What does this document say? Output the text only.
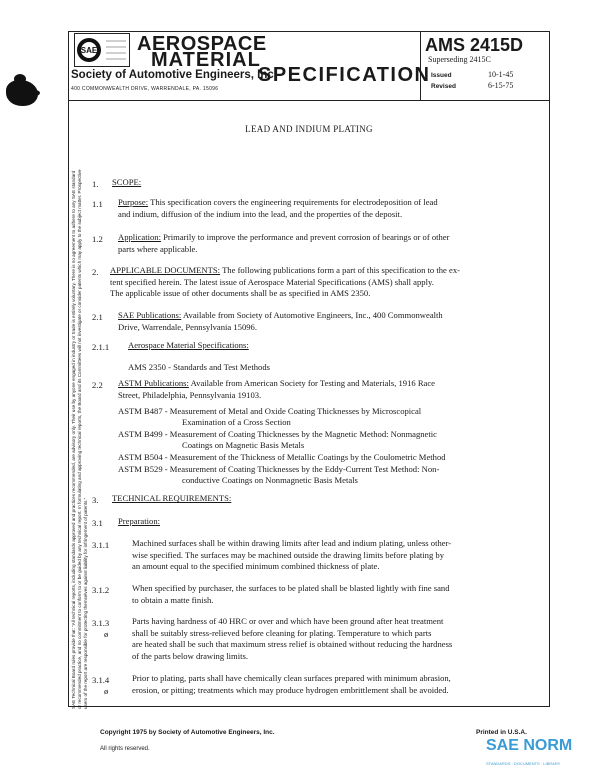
SAE AEROSPACE
MATERIAL
SPECIFICATION
Society of Automotive Engineers, Inc.
400 COMMONWEALTH DRIVE, WARRENDALE, PA. 15096
AMS 2415D
Superseding 2415C
Issued
Revised
10-1-45
6-15-75
LEAD AND INDIUM PLATING
1. SCOPE:
1.1 Purpose: This specification covers the engineering requirements for electrodeposition of lead
and indium, diffusion of the indium into the lead, and the properties of the deposit.
1.2 Application: Primarily to improve the performance and prevent corrosion of bearings or of other
parts where applicable.
2. APPLICABLE DOCUMENTS: The following publications form a part of this specification to the ex-
tent specified herein. The latest issue of Aerospace Material Specifications (AMS) shall apply.
The applicable issue of other documents shall be as specified in AMS 2350.
2.1 SAE Publications: Available from Society of Automotive Engineers, Inc., 400 Commonwealth
Drive, Warrendale, Pennsylvania 15096.
2.1.1 Aerospace Material Specifications:
AMS 2350 - Standards and Test Methods
2.2 ASTM Publications: Available from American Society for Testing and Materials, 1916 Race
Street, Philadelphia, Pennsylvania 19103.
ASTM B487 - Measurement of Metal and Oxide Coating Thicknesses by Microscopical
Examination of a Cross Section
ASTM B499 - Measurement of Coating Thicknesses by the Magnetic Method: Nonmagnetic
Coatings on Magnetic Basis Metals
ASTM B504 - Measurement of the Thickness of Metallic Coatings by the Coulometric Method
ASTM B529 - Measurement of Coating Thicknesses by the Eddy-Current Test Method: Non-
conductive Coatings on Nonmagnetic Basis Metals
3. TECHNICAL REQUIREMENTS:
3.1 Preparation:
3.1.1	Machined surfaces shall be within drawing limits after lead and indium plating, unless other-
wise specified. The surfaces may be machined outside the drawing limits before plating by
an amount equal to the specified minimum combined thickness of plate.
3.1.2	When specified by purchaser, the surfaces to be plated shall be blasted lightly with fine sand
to obtain a matte finish.
3.1.3
ø
Parts having hardness of 40 HRC or over and which have been ground after heat treatment
shall be suitably stress-relieved before cleaning for plating. Temperature to which parts
are heated shall be such that maximum stress relief is obtained without reducing the hardness
of the parts below drawing limits.
3.1.4
ø
Prior to plating, parts shall have chemically clean surfaces prepared with minimum abrasion,
erosion, or pitting; treatments which may produce hydrogen embrittlement shall be avoided.
SAE Technical Board rules provide that: "All technical reports, including standards approved and practices recommended, are advisory only. Their use by anyone engaged in industry or trade is entirely voluntary. There is no agreement to adhere to any SAE standard or recommended practice, and no commitment to conform to or be guided by any technical report. In formulating and approving technical reports, the Board and its Committees will not investigate or consider patents which may apply to the subject matter. Prospective users of the report are responsible for protecting themselves against liability for infringement of patents."
Copyright 1975 by Society of Automotive Engineers, Inc.
All rights reserved.
Printed in U.S.A.
SAE NORM
STANDARDS · DOCUMENTS · LIBRARY
